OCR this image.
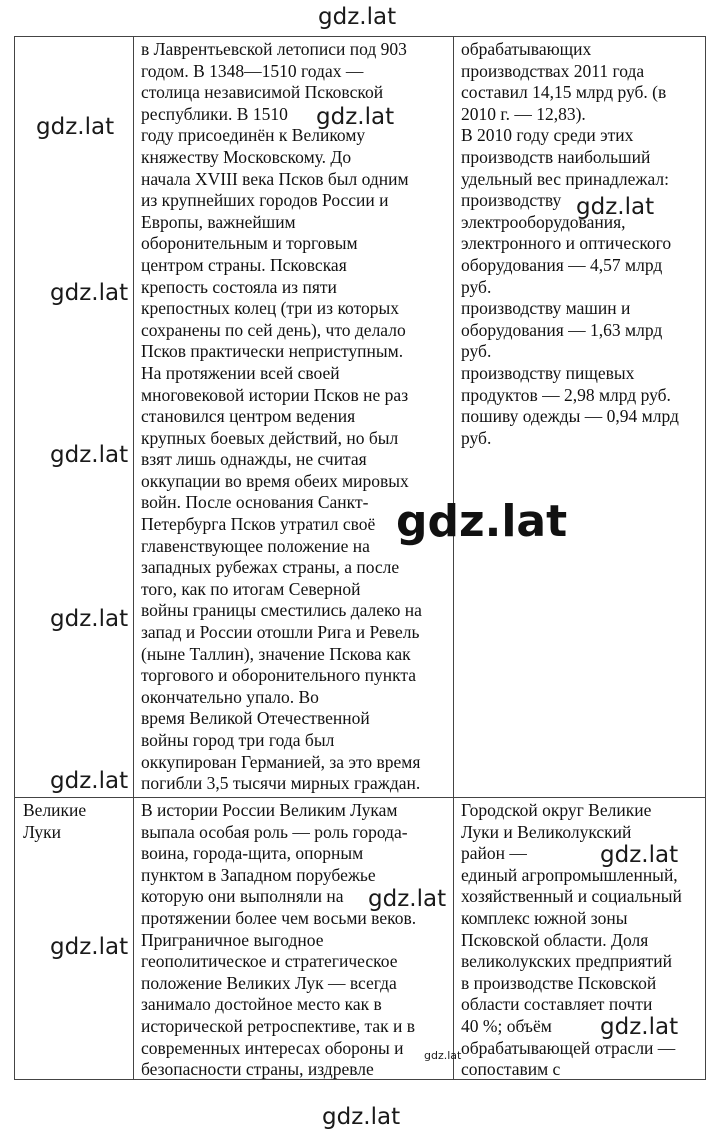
gdz.lat
в Лаврентьевской летописи под 903
годом. В 1348—1510 годах —
столица независимой Псковской
республики. В 1510
году присоединён к Великому
княжеству Московскому. До
начала XVIII века Псков был одним
из крупнейших городов России и
Европы, важнейшим
оборонительным и торговым
центром страны. Псковская
крепость состояла из пяти
крепостных колец (три из которых
сохранены по сей день), что делало
Псков практически неприступным.
На протяжении всей своей
многовековой истории Псков не раз
становился центром ведения
крупных боевых действий, но был
взят лишь однажды, не считая
оккупации во время обеих мировых
войн. После основания Санкт-
Петербурга Псков утратил своё
главенствующее положение на
западных рубежах страны, а после
того, как по итогам Северной
войны границы сместились далеко на
запад и России отошли Рига и Ревель
(ныне Таллин), значение Пскова как
торгового и оборонительного пункта
окончательно упало. Во
время Великой Отечественной
войны город три года был
оккупирован Германией, за это время
погибли 3,5 тысячи мирных граждан.
обрабатывающих
производствах 2011 года
составил 14,15 млрд руб. (в
2010 г. — 12,83).
В 2010 году среди этих
производств наибольший
удельный вес принадлежал:
производству
электрооборудования,
электронного и оптического
оборудования — 4,57 млрд
руб.
производству машин и
оборудования — 1,63 млрд
руб.
производству пищевых
продуктов — 2,98 млрд руб.
пошиву одежды — 0,94 млрд
руб.
Великие
Луки
В истории России Великим Лукам
выпала особая роль — роль города-
воина, города-щита, опорным
пунктом в Западном порубежье
которую они выполняли на
протяжении более чем восьми веков.
Приграничное выгодное
геополитическое и стратегическое
положение Великих Лук — всегда
занимало достойное место как в
исторической ретроспективе, так и в
современных интересах обороны и
безопасности страны, издревле
Городской округ Великие
Луки и Великолукский
район —
единый агропромышленный,
хозяйственный и социальный
комплекс южной зоны
Псковской области. Доля
великолукских предприятий
в производстве Псковской
области составляет почти
40 %; объём
обрабатывающей отрасли —
сопоставим с
gdz.lat	gdz.lat
gdz.lat
gdz.lat
gdz.lat
gdz.lat
gdz.lat
gdz.lat
gdz.lat
gdz.lat
gdz.lat
gdz.lat
gdz.lat
gdz.lat
